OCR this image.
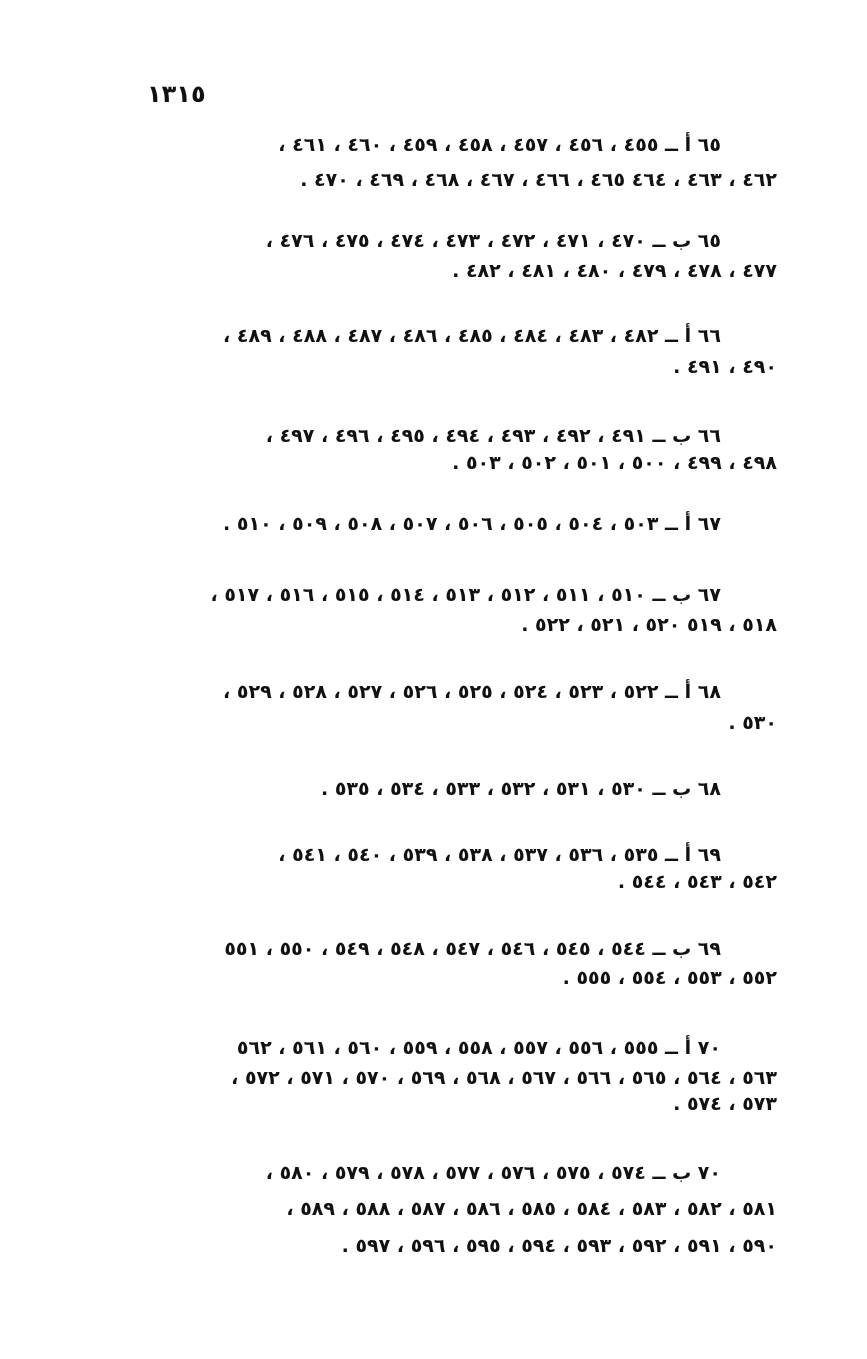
١٣١٥
٦٥ أ ــ ٤٥٥ ، ٤٥٦ ، ٤٥٧ ، ٤٥٨ ، ٤٥٩ ، ٤٦٠ ، ٤٦١ ،
٤٦٢ ، ٤٦٣ ، ٤٦٤ ٤٦٥ ، ٤٦٦ ، ٤٦٧ ، ٤٦٨ ، ٤٦٩ ، ٤٧٠ .
٦٥ ب ــ ٤٧٠ ، ٤٧١ ، ٤٧٢ ، ٤٧٣ ، ٤٧٤ ، ٤٧٥ ، ٤٧٦ ،
٤٧٧ ، ٤٧٨ ، ٤٧٩ ، ٤٨٠ ، ٤٨١ ، ٤٨٢ .
٦٦ أ ــ ٤٨٢ ، ٤٨٣ ، ٤٨٤ ، ٤٨٥ ، ٤٨٦ ، ٤٨٧ ، ٤٨٨ ، ٤٨٩ ،
٤٩٠ ، ٤٩١ .
٦٦ ب ــ ٤٩١ ، ٤٩٢ ، ٤٩٣ ، ٤٩٤ ، ٤٩٥ ، ٤٩٦ ، ٤٩٧ ،
٤٩٨ ، ٤٩٩ ، ٥٠٠ ، ٥٠١ ، ٥٠٢ ، ٥٠٣ .
٦٧ أ ــ ٥٠٣ ، ٥٠٤ ، ٥٠٥ ، ٥٠٦ ، ٥٠٧ ، ٥٠٨ ، ٥٠٩ ، ٥١٠ .
٦٧ ب ــ ٥١٠ ، ٥١١ ، ٥١٢ ، ٥١٣ ، ٥١٤ ، ٥١٥ ، ٥١٦ ، ٥١٧ ،
٥١٨ ، ٥١٩ ٥٢٠ ، ٥٢١ ، ٥٢٢ .
٦٨ أ ــ ٥٢٢ ، ٥٢٣ ، ٥٢٤ ، ٥٢٥ ، ٥٢٦ ، ٥٢٧ ، ٥٢٨ ، ٥٢٩ ،
٥٣٠ .
٦٨ ب ــ ٥٣٠ ، ٥٣١ ، ٥٣٢ ، ٥٣٣ ، ٥٣٤ ، ٥٣٥ .
٦٩ أ ــ ٥٣٥ ، ٥٣٦ ، ٥٣٧ ، ٥٣٨ ، ٥٣٩ ، ٥٤٠ ، ٥٤١ ،
٥٤٢ ، ٥٤٣ ، ٥٤٤ .
٦٩ ب ــ ٥٤٤ ، ٥٤٥ ، ٥٤٦ ، ٥٤٧ ، ٥٤٨ ، ٥٤٩ ، ٥٥٠ ، ٥٥١
٥٥٢ ، ٥٥٣ ، ٥٥٤ ، ٥٥٥ .
٧٠ أ ــ ٥٥٥ ، ٥٥٦ ، ٥٥٧ ، ٥٥٨ ، ٥٥٩ ، ٥٦٠ ، ٥٦١ ، ٥٦٢
٥٦٣ ، ٥٦٤ ، ٥٦٥ ، ٥٦٦ ، ٥٦٧ ، ٥٦٨ ، ٥٦٩ ، ٥٧٠ ، ٥٧١ ، ٥٧٢ ،
٥٧٣ ، ٥٧٤ .
٧٠ ب ــ ٥٧٤ ، ٥٧٥ ، ٥٧٦ ، ٥٧٧ ، ٥٧٨ ، ٥٧٩ ، ٥٨٠ ،
٥٨١ ، ٥٨٢ ، ٥٨٣ ، ٥٨٤ ، ٥٨٥ ، ٥٨٦ ، ٥٨٧ ، ٥٨٨ ، ٥٨٩ ،
٥٩٠ ، ٥٩١ ، ٥٩٢ ، ٥٩٣ ، ٥٩٤ ، ٥٩٥ ، ٥٩٦ ، ٥٩٧ .
